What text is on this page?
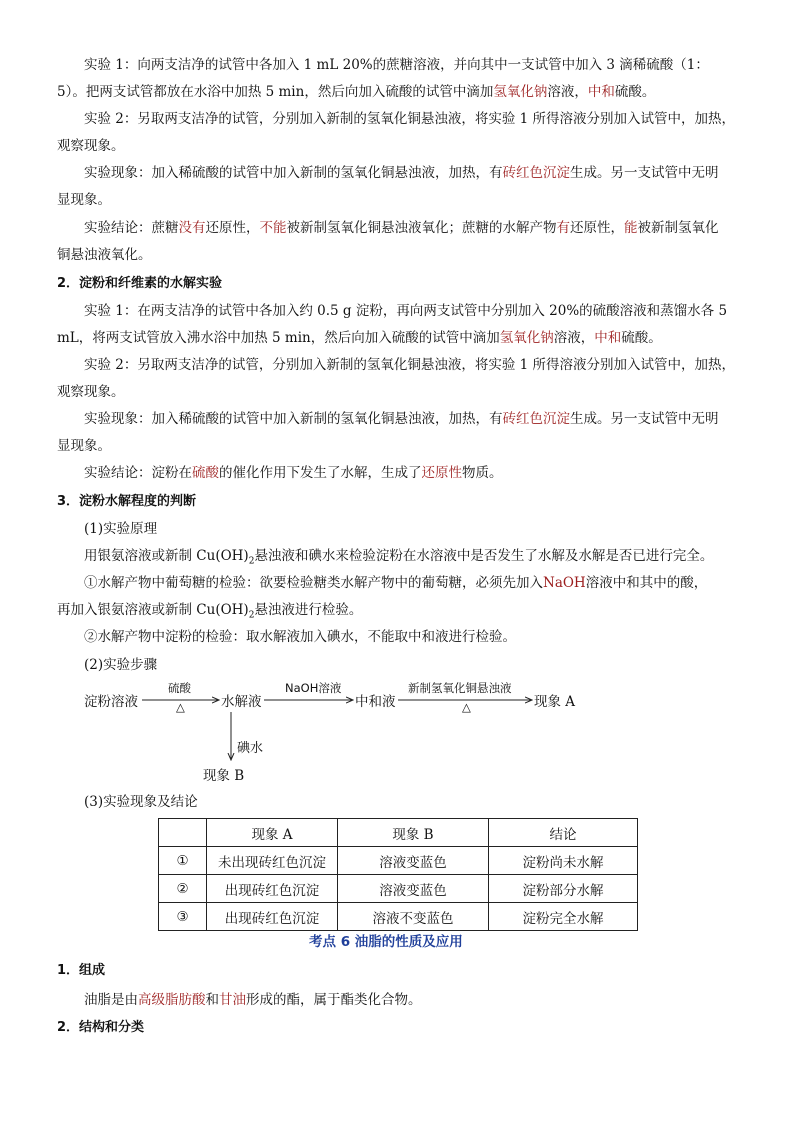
实验 1：向两支洁净的试管中各加入 1 mL 20%的蔗糖溶液，并向其中一支试管中加入 3 滴稀硫酸（1：
5）。把两支试管都放在水浴中加热 5 min，然后向加入硫酸的试管中滴加氢氧化钠溶液，中和硫酸。
实验 2：另取两支洁净的试管，分别加入新制的氢氧化铜悬浊液，将实验 1 所得溶液分别加入试管中，加热，
观察现象。
实验现象：加入稀硫酸的试管中加入新制的氢氧化铜悬浊液，加热，有砖红色沉淀生成。另一支试管中无明
显现象。
实验结论：蔗糖没有还原性，不能被新制氢氧化铜悬浊液氧化；蔗糖的水解产物有还原性，能被新制氢氧化
铜悬浊液氧化。
2．淀粉和纤维素的水解实验
实验 1：在两支洁净的试管中各加入约 0.5 g 淀粉，再向两支试管中分别加入 20%的硫酸溶液和蒸馏水各 5
mL，将两支试管放入沸水浴中加热 5 min，然后向加入硫酸的试管中滴加氢氧化钠溶液，中和硫酸。
实验 2：另取两支洁净的试管，分别加入新制的氢氧化铜悬浊液，将实验 1 所得溶液分别加入试管中，加热，
观察现象。
实验现象：加入稀硫酸的试管中加入新制的氢氧化铜悬浊液，加热，有砖红色沉淀生成。另一支试管中无明
显现象。
实验结论：淀粉在硫酸的催化作用下发生了水解，生成了还原性物质。
3．淀粉水解程度的判断
(1)实验原理
用银氨溶液或新制 $Cu(OH)_2$悬浊液和碘水来检验淀粉在水溶液中是否发生了水解及水解是否已进行完全。
①水解产物中葡萄糖的检验：欲要检验糖类水解产物中的葡萄糖，必须先加入NaOH溶液中和其中的酸，
再加入银氨溶液或新制 $Cu(OH)_2$悬浊液进行检验。
②水解产物中淀粉的检验：取水解液加入碘水，不能取中和液进行检验。
(2)实验步骤
淀粉溶液
硫酸
△	水解液
NaOH溶液
中和液
新制氢氧化铜悬浊液
△	现象 A
碘水
现象 B
(3)实验现象及结论
	现象 A	现象 B	结论
①	未出现砖红色沉淀	溶液变蓝色	淀粉尚未水解
②	出现砖红色沉淀	溶液变蓝色	淀粉部分水解
③	出现砖红色沉淀	溶液不变蓝色	淀粉完全水解
考点 6 油脂的性质及应用
1．组成
油脂是由高级脂肪酸和甘油形成的酯，属于酯类化合物。
2．结构和分类
